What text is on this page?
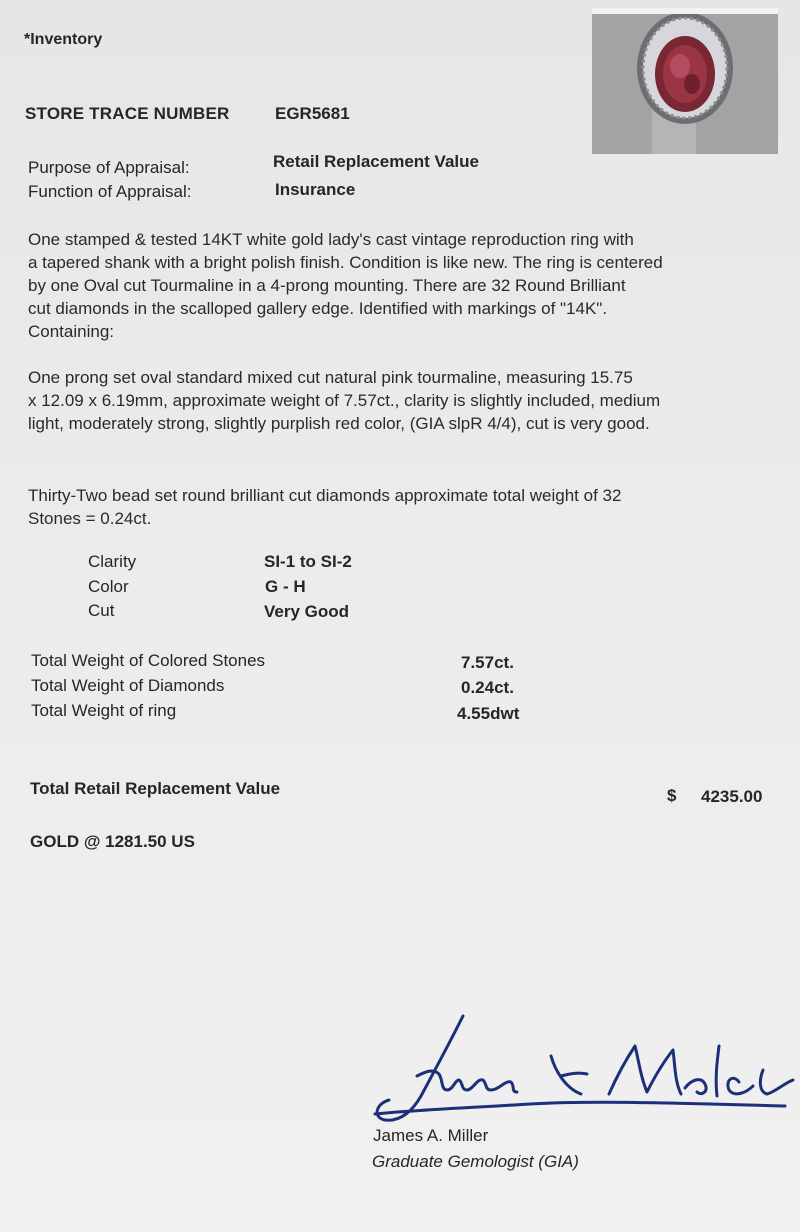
*Inventory
STORE TRACE NUMBER	EGR5681
Purpose of Appraisal:	Retail Replacement Value
Function of Appraisal:	Insurance

One stamped & tested 14KT white gold lady's cast vintage reproduction ring with

a tapered shank with a bright polish finish. Condition is like new. The ring is centered

by one Oval cut Tourmaline in a 4-prong mounting. There are 32 Round Brilliant

cut diamonds in the scalloped gallery edge. Identified with markings of "14K".

Containing:

One prong set oval standard mixed cut natural pink tourmaline, measuring 15.75

x 12.09 x 6.19mm, approximate weight of 7.57ct., clarity is slightly included, medium

light, moderately strong, slightly purplish red color, (GIA slpR 4/4), cut is very good.

Thirty-Two bead set round brilliant cut diamonds approximate total weight of 32

Stones = 0.24ct.

Clarity	SI-1 to SI-2
Color	G - H
Cut	Very Good
Total Weight of Colored Stones	7.57ct.
Total Weight of Diamonds	0.24ct.
Total Weight of ring	4.55dwt
Total Retail Replacement Value	$ 4235.00
GOLD @ 1281.50 US
James A. Miller
James A. Miller
Graduate Gemologist (GIA)
